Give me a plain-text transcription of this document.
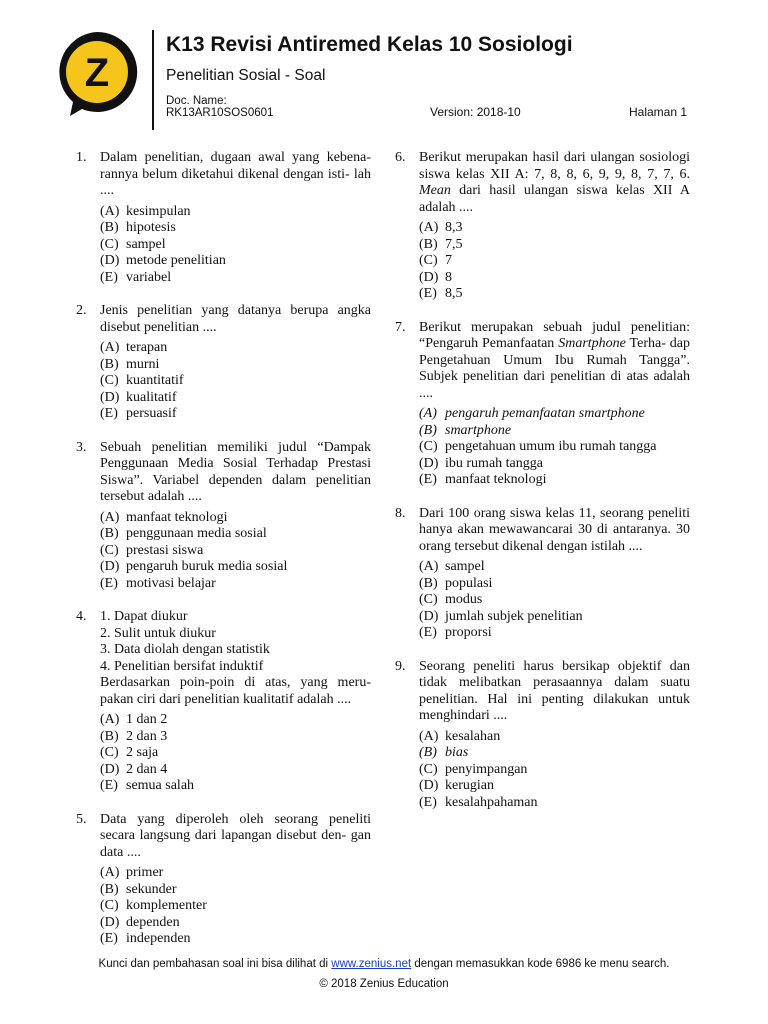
Z
K13 Revisi Antiremed Kelas 10 Sosiologi
Penelitian Sosial - Soal
Doc. Name:
RK13AR10SOS0601	Version: 2018-10	Halaman 1
1. Dalam penelitian, dugaan awal yang kebena- rannya belum diketahui dikenal dengan isti- lah ....
(A) kesimpulan
(B) hipotesis
(C) sampel
(D) metode penelitian
(E) variabel
2. Jenis penelitian yang datanya berupa angka disebut penelitian ....
(A) terapan
(B) murni
(C) kuantitatif
(D) kualitatif
(E) persuasif
3. Sebuah penelitian memiliki judul “Dampak Penggunaan Media Sosial Terhadap Prestasi Siswa”. Variabel dependen dalam penelitian tersebut adalah ....
(A) manfaat teknologi
(B) penggunaan media sosial
(C) prestasi siswa
(D) pengaruh buruk media sosial
(E) motivasi belajar
4. 1. Dapat diukur
2. Sulit untuk diukur
3. Data diolah dengan statistik
4. Penelitian bersifat induktif
Berdasarkan poin-poin di atas, yang meru- pakan ciri dari penelitian kualitatif adalah ....
(A) 1 dan 2
(B) 2 dan 3
(C) 2 saja
(D) 2 dan 4
(E) semua salah
5. Data yang diperoleh oleh seorang peneliti secara langsung dari lapangan disebut den- gan data ....
(A) primer
(B) sekunder
(C) komplementer
(D) dependen
(E) independen
6. Berikut merupakan hasil dari ulangan sosiologi siswa kelas XII A: 7, 8, 8, 6, 9, 9, 8, 7, 7, 6. Mean dari hasil ulangan siswa kelas XII A adalah ....
(A) 8,3
(B) 7,5
(C) 7
(D) 8
(E) 8,5
7. Berikut merupakan sebuah judul penelitian: “Pengaruh Pemanfaatan Smartphone Terha- dap Pengetahuan Umum Ibu Rumah Tangga”. Subjek penelitian dari penelitian di atas adalah ....
(A) pengaruh pemanfaatan smartphone
(B) smartphone
(C) pengetahuan umum ibu rumah tangga
(D) ibu rumah tangga
(E) manfaat teknologi
8. Dari 100 orang siswa kelas 11, seorang peneliti hanya akan mewawancarai 30 di antaranya. 30 orang tersebut dikenal dengan istilah ....
(A) sampel
(B) populasi
(C) modus
(D) jumlah subjek penelitian
(E) proporsi
9. Seorang peneliti harus bersikap objektif dan tidak melibatkan perasaannya dalam suatu penelitian. Hal ini penting dilakukan untuk menghindari ....
(A) kesalahan
(B) bias
(C) penyimpangan
(D) kerugian
(E) kesalahpahaman
Kunci dan pembahasan soal ini bisa dilihat di www.zenius.net dengan memasukkan kode 6986 ke menu search.
© 2018 Zenius Education
